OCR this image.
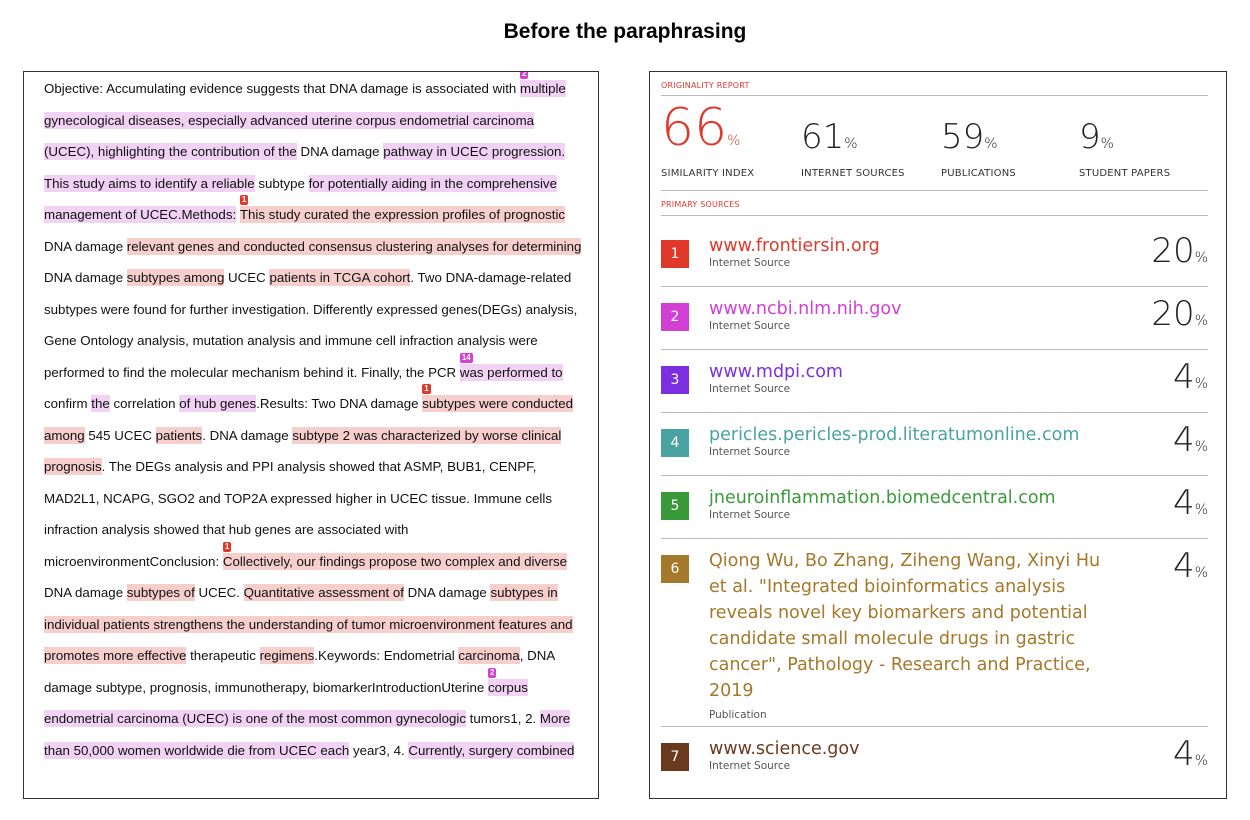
Before the paraphrasing
Objective: Accumulating evidence suggests that DNA damage is associated with
2
multiple gynecological diseases, especially advanced uterine corpus endometrial carcinoma (UCEC), highlighting the contribution of the DNA damage pathway in UCEC progression. This study aims to identify a reliable subtype for potentially aiding in the comprehensive management of UCEC.Methods:
1
This study curated the expression profiles of prognostic DNA damage relevant genes and conducted consensus clustering analyses for determining DNA damage subtypes among UCEC patients in TCGA cohort. Two DNA-damage-related subtypes were found for further investigation. Differently expressed genes(DEGs) analysis, Gene Ontology analysis, mutation analysis and immune cell infraction analysis were performed to find the molecular mechanism behind it. Finally, the PCR
14
was performed to confirm the correlation of hub genes.Results: Two DNA damage
1
subtypes were conducted among 545 UCEC patients. DNA damage subtype 2 was characterized by worse clinical prognosis. The DEGs analysis and PPI analysis showed that ASMP, BUB1, CENPF, MAD2L1, NCAPG, SGO2 and TOP2A expressed higher in UCEC tissue. Immune cells infraction analysis showed that hub genes are associated with microenvironmentConclusion:
1
Collectively, our findings propose two complex and diverse DNA damage subtypes of UCEC. Quantitative assessment of DNA damage subtypes in individual patients strengthens the understanding of tumor microenvironment features and promotes more effective therapeutic regimens.Keywords: Endometrial carcinoma, DNA damage subtype, prognosis, immunotherapy, biomarkerIntroductionUterine
2
corpus endometrial carcinoma (UCEC) is one of the most common gynecologic tumors1, 2. More than 50,000 women worldwide die from UCEC each year3, 4. Currently, surgery combined
ORIGINALITY REPORT
66%
SIMILARITY INDEX
61%
INTERNET SOURCES
59%
PUBLICATIONS
9%
STUDENT PAPERS
PRIMARY SOURCES
1	www.frontiersin.org
Internet Source	20%
2	www.ncbi.nlm.nih.gov
Internet Source	20%
3	www.mdpi.com
Internet Source	4%
4	pericles.pericles-prod.literatumonline.com
Internet Source	4%
5	jneuroinflammation.biomedcentral.com
Internet Source	4%
6	Qiong Wu, Bo Zhang, Ziheng Wang, Xinyi Hu et al. "Integrated bioinformatics analysis reveals novel key biomarkers and potential candidate small molecule drugs in gastric cancer", Pathology - Research and Practice, 2019
Publication
4%
7	www.science.gov
Internet Source	4%
